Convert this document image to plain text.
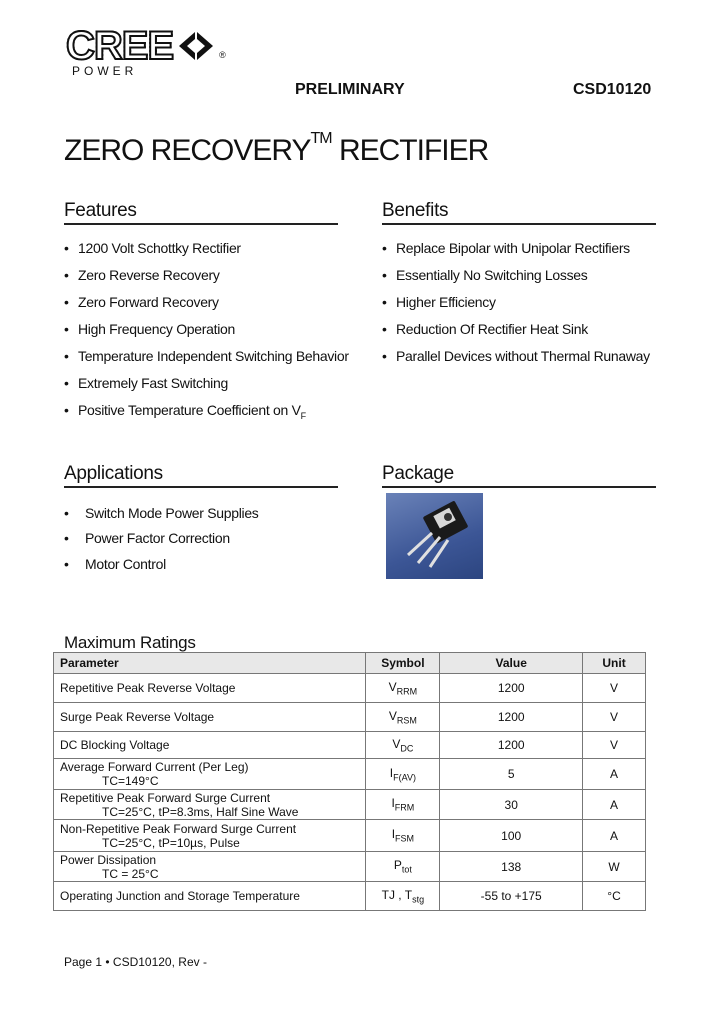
CREE	®
POWER
PRELIMINARY	CSD10120
ZERO RECOVERY™ RECTIFIER
Features
• 1200 Volt Schottky Rectifier
• Zero Reverse Recovery
• Zero Forward Recovery
• High Frequency Operation
• Temperature Independent Switching Behavior
• Extremely Fast Switching
• Positive Temperature Coefficient on $V_F$
Benefits
• Replace Bipolar with Unipolar Rectifiers
• Essentially No Switching Losses
• Higher Efficiency
• Reduction Of Rectifier Heat Sink
• Parallel Devices without Thermal Runaway
Applications
• Switch Mode Power Supplies
• Power Factor Correction
• Motor Control
Package
Maximum Ratings
Parameter	Symbol	Value	Unit
Repetitive Peak Reverse Voltage	$V_{RRM}$	1200	V
Surge Peak Reverse Voltage	$V_{RSM}$	1200	V
DC Blocking Voltage	$V_{DC}$	1200	V
Average Forward Current (Per Leg)
TC=149°C	$I_{F(AV)}$	5	A
Repetitive Peak Forward Surge Current
TC=25°C, tP=8.3ms, Half Sine Wave	$I_{FRM}$	30	A
Non-Repetitive Peak Forward Surge Current
TC=25°C, tP=10µs, Pulse	$I_{FSM}$	100	A
Power Dissipation
TC = 25°C	$P_{tot}$	138	W
Operating Junction and Storage Temperature	TJ , $T_{stg}$	-55 to +175	°C
Page 1 • CSD10120, Rev -
